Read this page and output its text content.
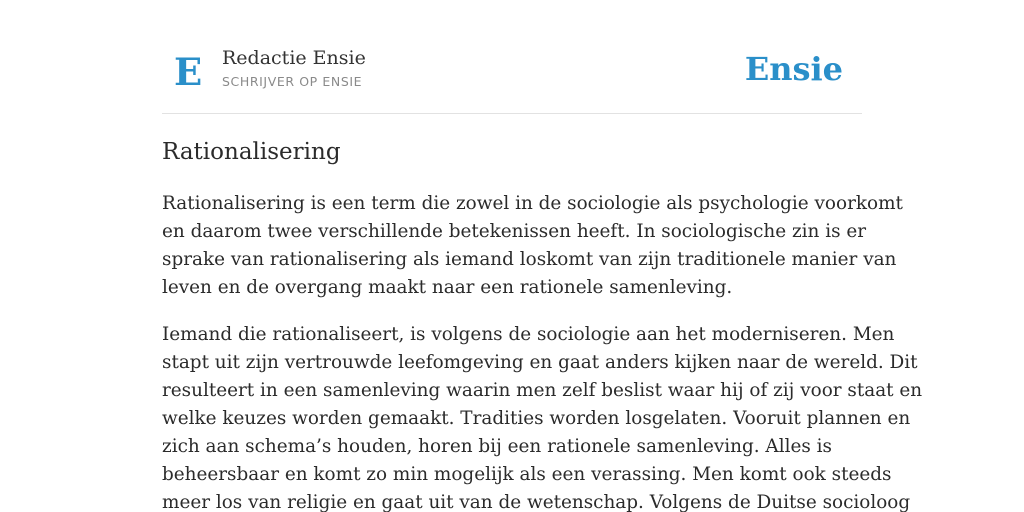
E Redactie Ensie
SCHRIJVER OP ENSIE	Ensie
Rationalisering

Rationalisering is een term die zowel in de sociologie als psychologie voorkomt
en daarom twee verschillende betekenissen heeft. In sociologische zin is er
sprake van rationalisering als iemand loskomt van zijn traditionele manier van
leven en de overgang maakt naar een rationele samenleving.

Iemand die rationaliseert, is volgens de sociologie aan het moderniseren. Men
stapt uit zijn vertrouwde leefomgeving en gaat anders kijken naar de wereld. Dit
resulteert in een samenleving waarin men zelf beslist waar hij of zij voor staat en
welke keuzes worden gemaakt. Tradities worden losgelaten. Vooruit plannen en
zich aan schema’s houden, horen bij een rationele samenleving. Alles is
beheersbaar en komt zo min mogelijk als een verassing. Men komt ook steeds
meer los van religie en gaat uit van de wetenschap. Volgens de Duitse socioloog
